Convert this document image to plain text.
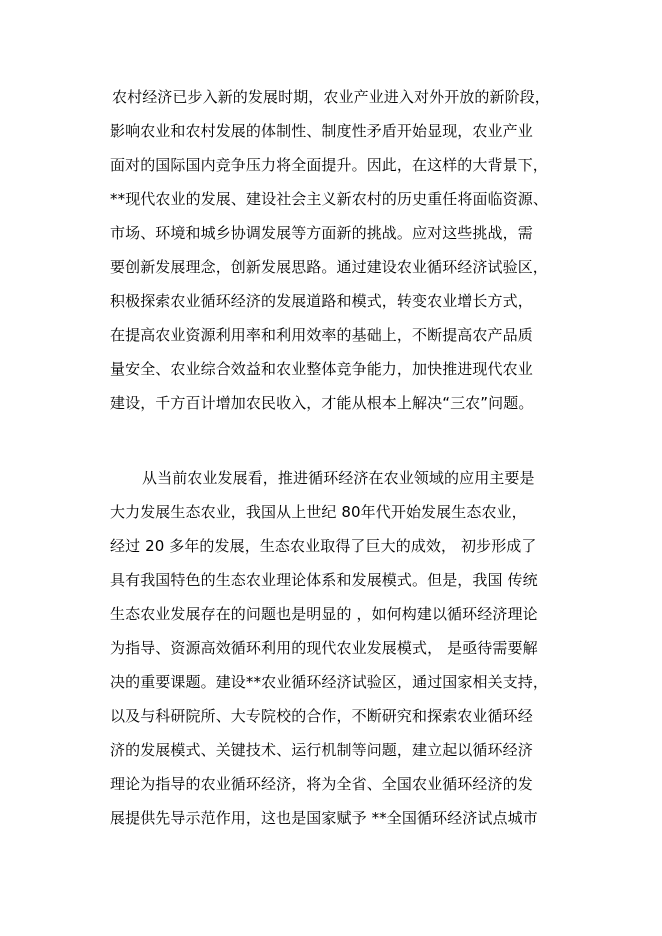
农村经济已步入新的发展时期，农业产业进入对外开放的新阶段，
影响农业和农村发展的体制性、制度性矛盾开始显现，农业产业
面对的国际国内竞争压力将全面提升。因此，在这样的大背景下，
**现代农业的发展、建设社会主义新农村的历史重任将面临资源、
市场、环境和城乡协调发展等方面新的挑战。应对这些挑战，需
要创新发展理念，创新发展思路。通过建设农业循环经济试验区，
积极探索农业循环经济的发展道路和模式，转变农业增长方式，
在提高农业资源利用率和利用效率的基础上，不断提高农产品质
量安全、农业综合效益和农业整体竞争能力，加快推进现代农业
建设，千方百计增加农民收入，才能从根本上解决“三农”问题。
从当前农业发展看，推进循环经济在农业领域的应用主要是
大力发展生态农业，我国从上世纪 80年代开始发展生态农业，
经过 20 多年的发展，生态农业取得了巨大的成效， 初步形成了
具有我国特色的生态农业理论体系和发展模式。但是，我国 传统
生态农业发展存在的问题也是明显的 ，如何构建以循环经济理论
为指导、资源高效循环利用的现代农业发展模式， 是亟待需要解
决的重要课题。建设**农业循环经济试验区，通过国家相关支持，
以及与科研院所、大专院校的合作，不断研究和探索农业循环经
济的发展模式、关键技术、运行机制等问题，建立起以循环经济
理论为指导的农业循环经济，将为全省、全国农业循环经济的发
展提供先导示范作用，这也是国家赋予 **全国循环经济试点城市
